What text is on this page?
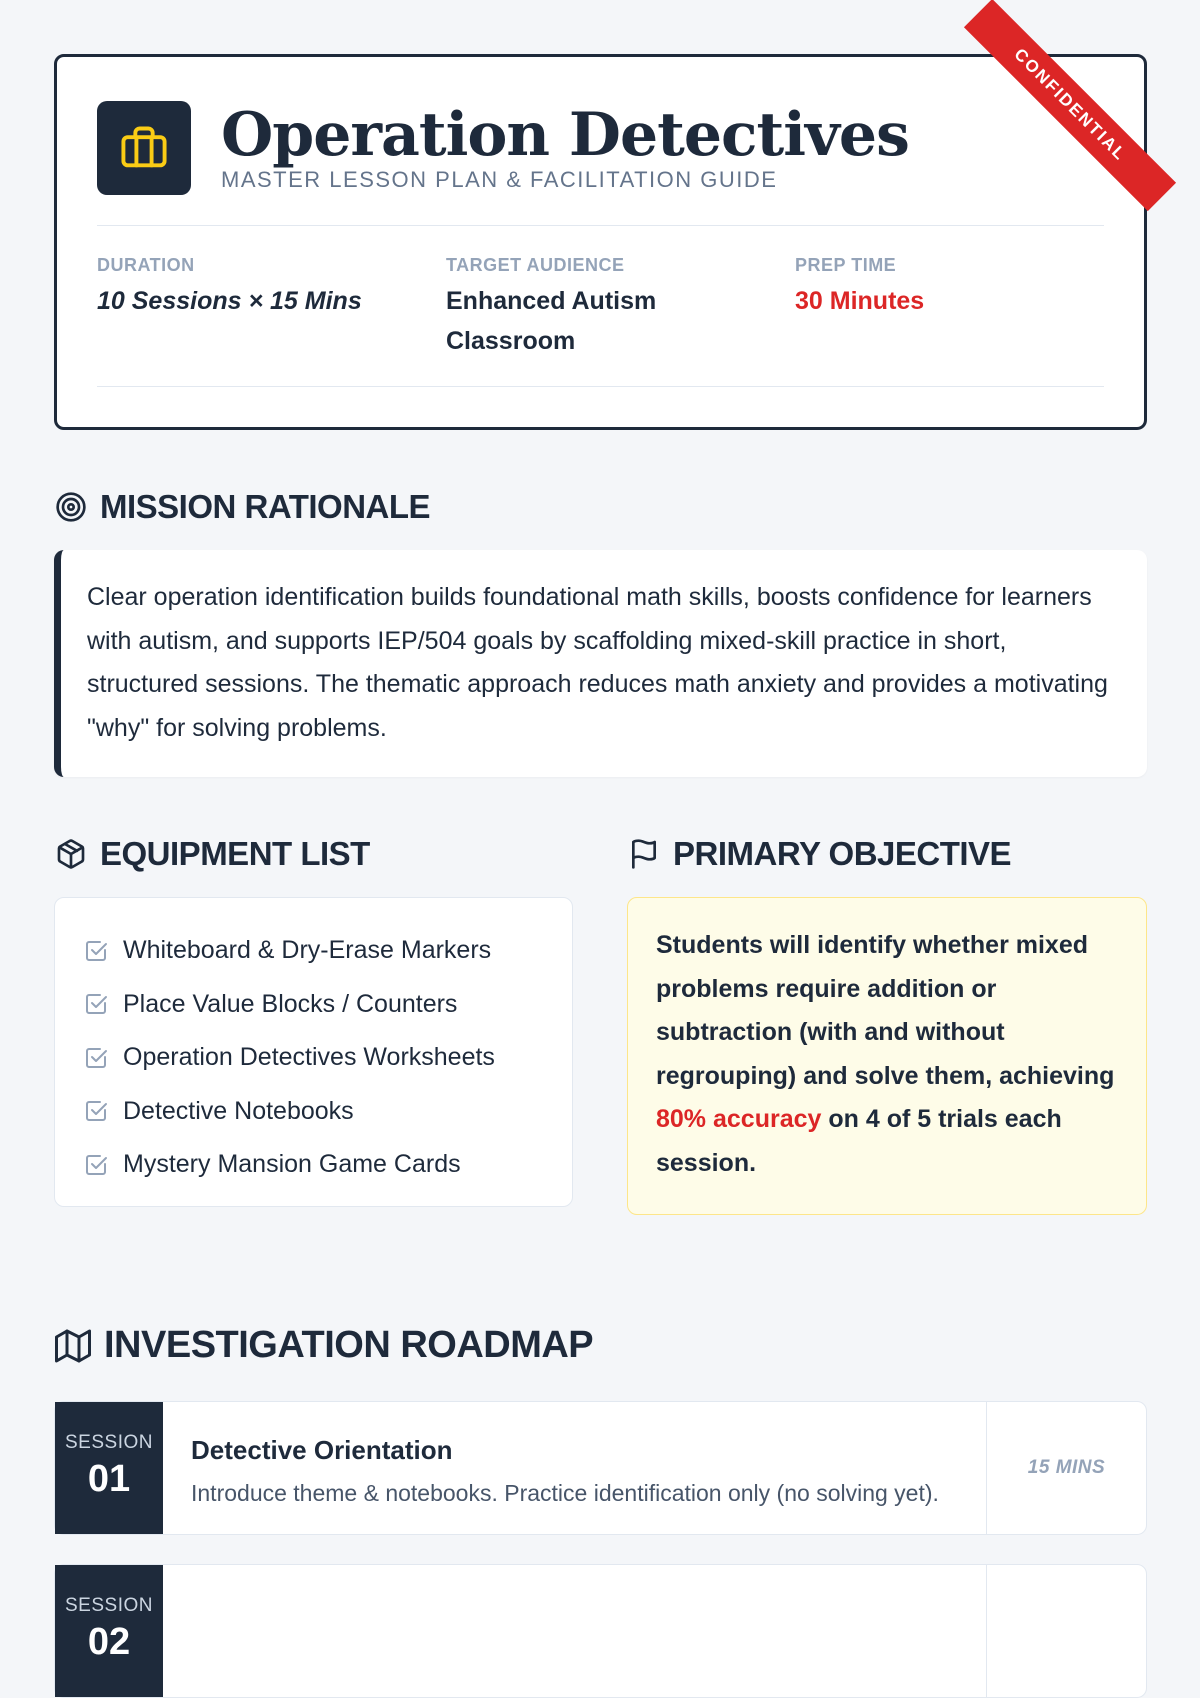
Operation Detectives
MASTER LESSON PLAN & FACILITATION GUIDE
CONFIDENTIAL
DURATION
10 Sessions × 15 Mins
TARGET AUDIENCE
Enhanced Autism Classroom
PREP TIME
30 Minutes
MISSION RATIONALE
Clear operation identification builds foundational math skills, boosts confidence for learners with autism, and supports IEP/504 goals by scaffolding mixed-skill practice in short, structured sessions. The thematic approach reduces math anxiety and provides a motivating "why" for solving problems.
EQUIPMENT LIST
Whiteboard & Dry-Erase Markers
Place Value Blocks / Counters
Operation Detectives Worksheets
Detective Notebooks
Mystery Mansion Game Cards
PRIMARY OBJECTIVE
Students will identify whether mixed problems require addition or subtraction (with and without regrouping) and solve them, achieving 80% accuracy on 4 of 5 trials each session.
INVESTIGATION ROADMAP
SESSION
01
Detective Orientation
Introduce theme & notebooks. Practice identification only (no solving yet).
15 MINS
SESSION
02
